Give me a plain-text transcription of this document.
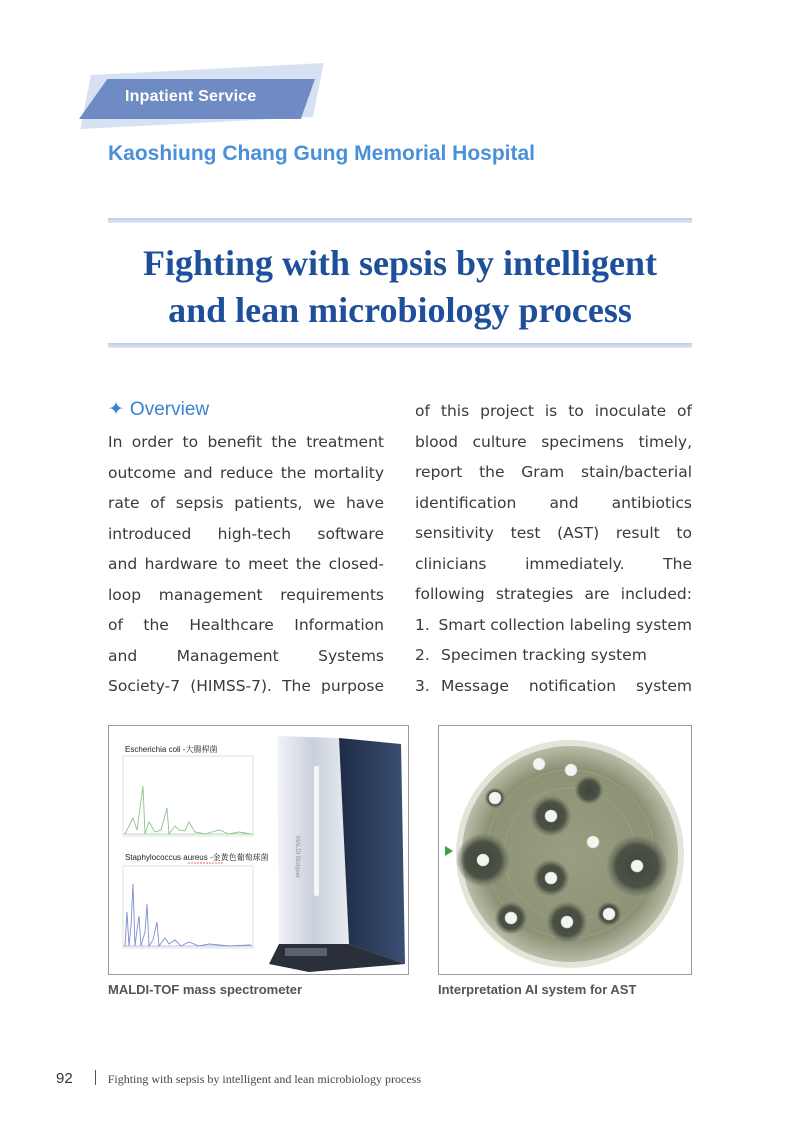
Inpatient Service
Kaoshiung Chang Gung Memorial Hospital
Fighting with sepsis by intelligent
and lean microbiology process
✦ Overview

In order to benefit the treatment

outcome and reduce the mortality

rate of sepsis patients, we have

introduced high-tech software

and hardware to meet the closed-

loop management requirements

of the Healthcare Information

and Management Systems

Society-7 (HIMSS-7). The purpose

of this project is to inoculate of

blood culture specimens timely,

report the Gram stain/bacterial

identification and antibiotics

sensitivity test (AST) result to

clinicians immediately. The

following strategies are included:

1. Smart collection labeling system

2. Specimen tracking system

3. Message notification system

Escherichia coli -大腸桿菌
Staphylococcus aureus -金黃色葡萄球菌	MALDI Biotyper
MALDI-TOF mass spectrometer	Interpretation AI system for AST
92	Fighting with sepsis by intelligent and lean microbiology process
